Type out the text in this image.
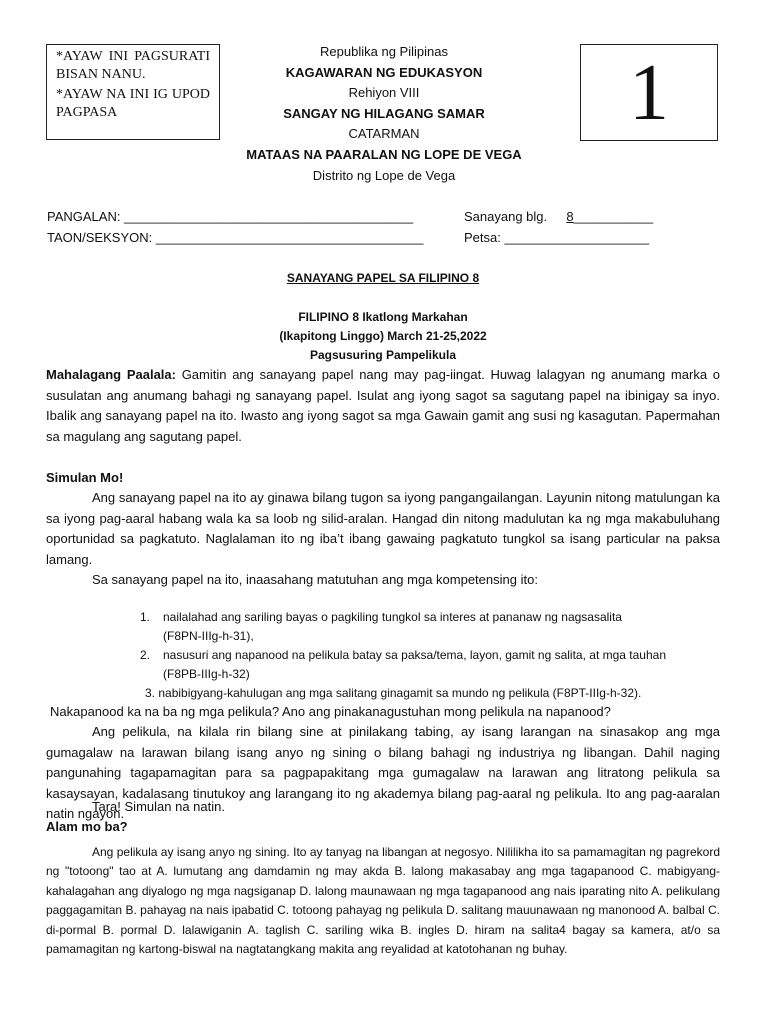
*AYAW INI PAGSURATI BISAN NANU.

*AYAW NA INI IG UPOD PAGPASA	1
Republika ng Pilipinas
KAGAWARAN NG EDUKASYON
Rehiyon VIII
SANGAY NG HILAGANG SAMAR
CATARMAN
MATAAS NA PAARALAN NG LOPE DE VEGA
Distrito ng Lope de Vega
PANGALAN: ________________________________________
TAON/SEKSYON: _____________________________________
Sanayang blg. 8___________
Petsa: ____________________
SANAYANG PAPEL SA FILIPINO 8
FILIPINO 8 Ikatlong Markahan
(Ikapitong Linggo) March 21-25,2022
Pagsusuring Pampelikula
Mahalagang Paalala: Gamitin ang sanayang papel nang may pag-iingat. Huwag lalagyan ng anumang marka o susulatan ang anumang bahagi ng sanayang papel. Isulat ang iyong sagot sa sagutang papel na ibinigay sa inyo. Ibalik ang sanayang papel na ito. Iwasto ang iyong sagot sa mga Gawain gamit ang susi ng kasagutan. Papermahan sa magulang ang sagutang papel.
Simulan Mo!
Ang sanayang papel na ito ay ginawa bilang tugon sa iyong pangangailangan. Layunin nitong matulungan ka sa iyong pag-aaral habang wala ka sa loob ng silid-aralan. Hangad din nitong madulutan ka ng mga makabuluhang oportunidad sa pagkatuto. Naglalaman ito ng iba’t ibang gawaing pagkatuto tungkol sa isang particular na paksa lamang.
Sa sanayang papel na ito, inaasahang matutuhan ang mga kompetensing ito:
1. nailalahad ang sariling bayas o pagkiling tungkol sa interes at pananaw ng nagsasalita
(F8PN-IIIg-h-31),
2. nasusuri ang napanood na pelikula batay sa paksa/tema, layon, gamit ng salita, at mga tauhan
(F8PB-IIIg-h-32)
3. nabibigyang-kahulugan ang mga salitang ginagamit sa mundo ng pelikula (F8PT-IIIg-h-32).
Nakapanood ka na ba ng mga pelikula? Ano ang pinakanagustuhan mong pelikula na napanood?
Ang pelikula, na kilala rin bilang sine at pinilakang tabing, ay isang larangan na sinasakop ang mga gumagalaw na larawan bilang isang anyo ng sining o bilang bahagi ng industriya ng libangan. Dahil naging pangunahing tagapamagitan para sa pagpapakitang mga gumagalaw na larawan ang litratong pelikula sa kasaysayan, kadalasang tinutukoy ang larangang ito ng akademya bilang pag-aaral ng pelikula. Ito ang pag-aaralan natin ngayon.
Tara! Simulan na natin.
Alam mo ba?
Ang pelikula ay isang anyo ng sining. Ito ay tanyag na libangan at negosyo. Nililikha ito sa pamamagitan ng pagrekord ng "totoong" tao at A. lumutang ang damdamin ng may akda B. lalong makasabay ang mga tagapanood C. mabigyang-kahalagahan ang diyalogo ng mga nagsiganap D. lalong maunawaan ng mga tagapanood ang nais iparating nito A. pelikulang paggagamitan B. pahayag na nais ipabatid C. totoong pahayag ng pelikula D. salitang mauunawaan ng manonood A. balbal C. di-pormal B. pormal D. lalawiganin A. taglish C. sariling wika B. ingles D. hiram na salita4 bagay sa kamera, at/o sa pamamagitan ng kartong-biswal na nagtatangkang makita ang reyalidad at katotohanan ng buhay.
